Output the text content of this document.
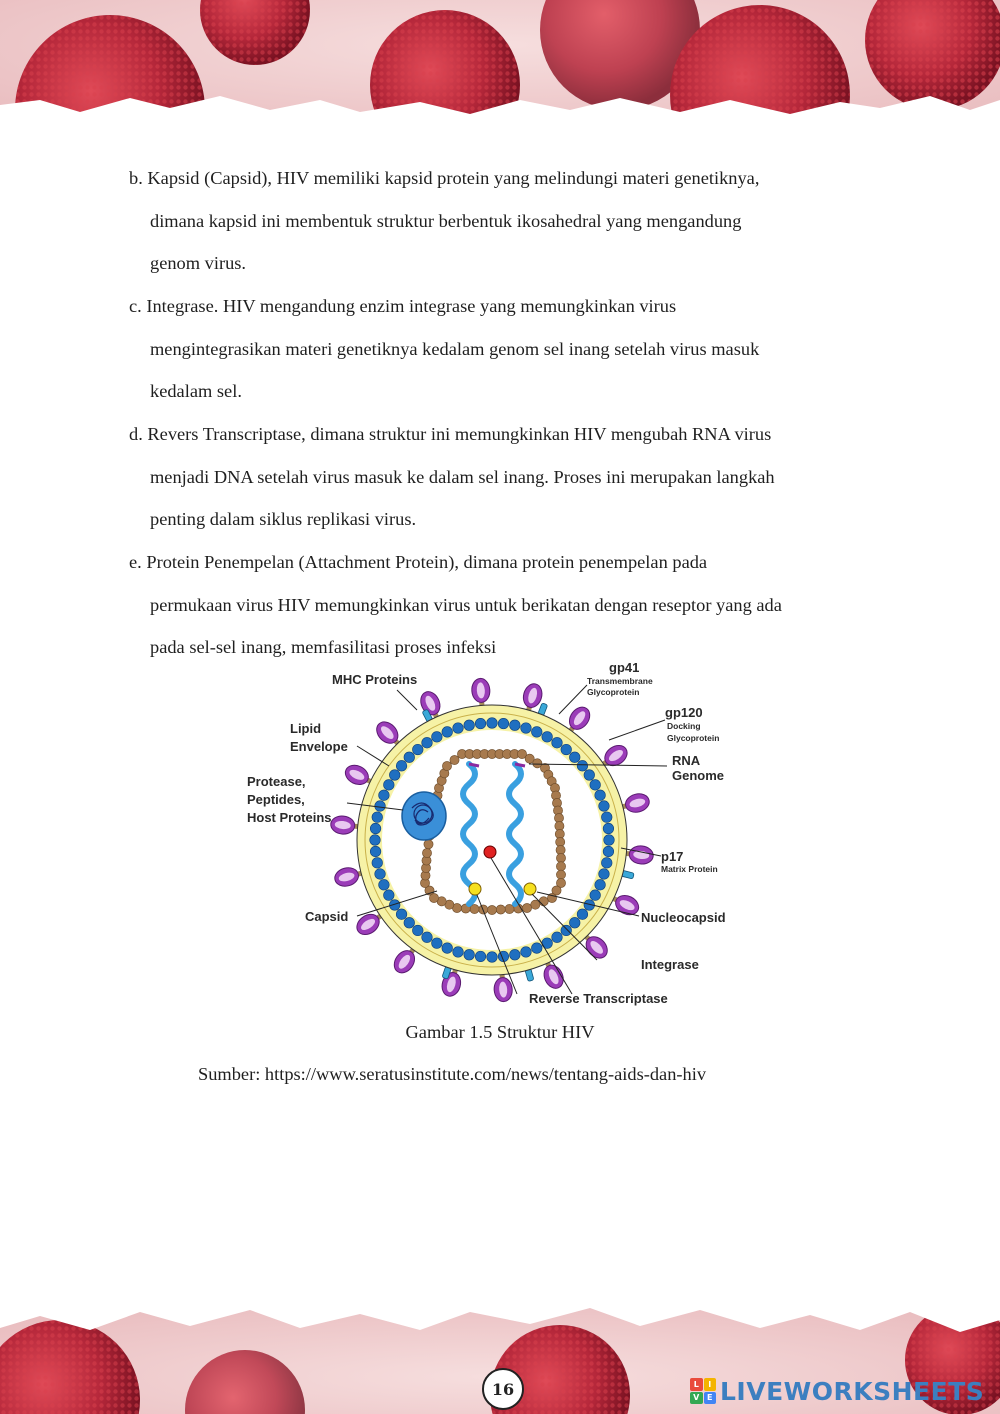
b. Kapsid (Capsid), HIV memiliki kapsid protein yang melindungi materi genetiknya,
dimana kapsid ini membentuk struktur berbentuk ikosahedral yang mengandung
genom virus.
c. Integrase. HIV mengandung enzim integrase yang memungkinkan virus
mengintegrasikan materi genetiknya kedalam genom sel inang setelah virus masuk
kedalam sel.
d. Revers Transcriptase, dimana struktur ini memungkinkan HIV mengubah RNA virus
menjadi DNA setelah virus masuk ke dalam sel inang. Proses ini merupakan langkah
penting dalam siklus replikasi virus.
e. Protein Penempelan (Attachment Protein), dimana protein penempelan pada
permukaan virus HIV memungkinkan virus untuk berikatan dengan reseptor yang ada
pada sel-sel inang, memfasilitasi proses infeksi
MHC Proteins
gp41
Transmembrane
Glycoprotein
gp120
Docking
Glycoprotein
Lipid
Envelope
RNA
Genome
Protease,
Peptides,
Host Proteins
p17
Matrix Protein
Capsid	Nucleocapsid
Integrase
Reverse Transcriptase
Gambar 1.5 Struktur HIV
Sumber: https://www.seratusinstitute.com/news/tentang-aids-dan-hiv
16	L	I
V E LIVEWORKSHEETS
